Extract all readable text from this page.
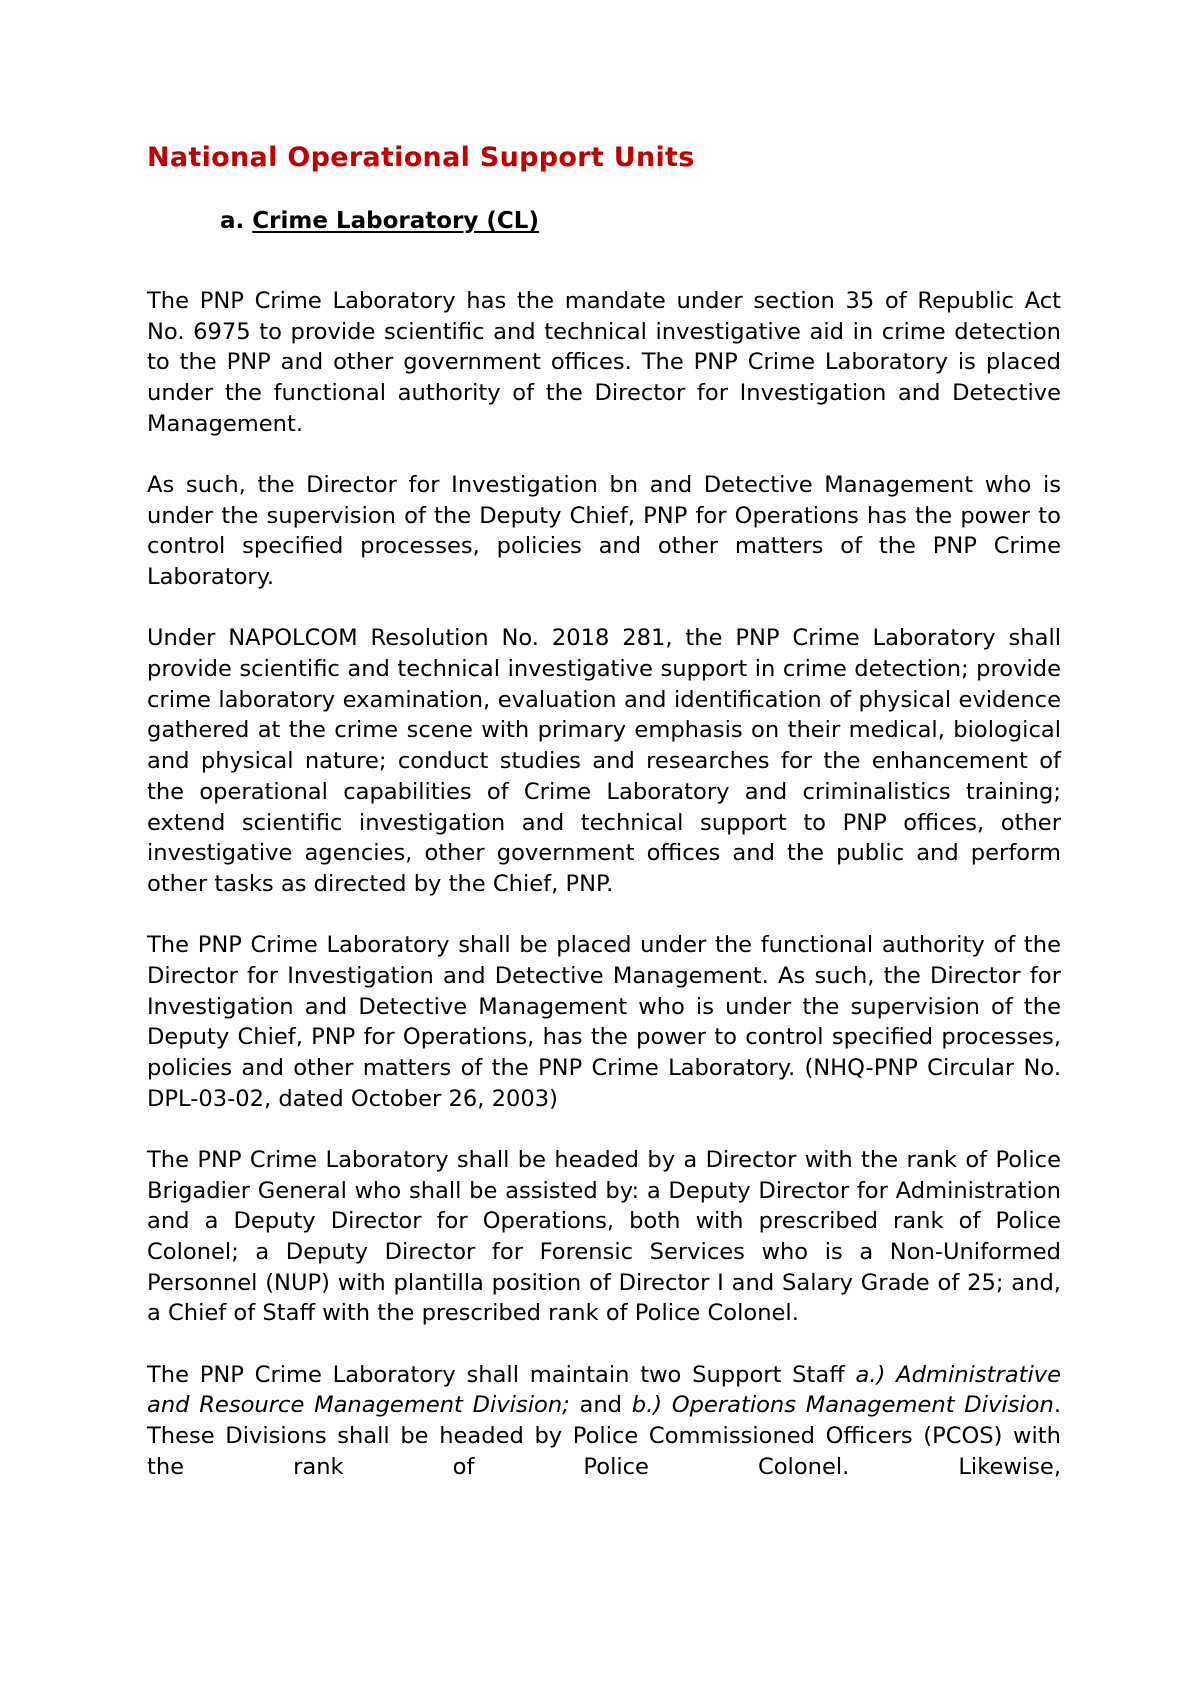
National Operational Support Units
a. Crime Laboratory (CL)

The PNP Crime Laboratory has the mandate under section 35 of Republic Act No. 6975 to provide scientific and technical investigative aid in crime detection to the PNP and other government offices. The PNP Crime Laboratory is placed under the functional authority of the Director for Investigation and Detective Management.

As such, the Director for Investigation bn and Detective Management who is under the supervision of the Deputy Chief, PNP for Operations has the power to control specified processes, policies and other matters of the PNP Crime Laboratory.

Under NAPOLCOM Resolution No. 2018 281, the PNP Crime Laboratory shall provide scientific and technical investigative support in crime detection; provide crime laboratory examination, evaluation and identification of physical evidence gathered at the crime scene with primary emphasis on their medical, biological and physical nature; conduct studies and researches for the enhancement of the operational capabilities of Crime Laboratory and criminalistics training; extend scientific investigation and technical support to PNP offices, other investigative agencies, other government offices and the public and perform other tasks as directed by the Chief, PNP.

The PNP Crime Laboratory shall be placed under the functional authority of the Director for Investigation and Detective Management. As such, the Director for Investigation and Detective Management who is under the supervision of the Deputy Chief, PNP for Operations, has the power to control specified processes, policies and other matters of the PNP Crime Laboratory. (NHQ-PNP Circular No. DPL-03-02, dated October 26, 2003)

The PNP Crime Laboratory shall be headed by a Director with the rank of Police Brigadier General who shall be assisted by: a Deputy Director for Administration and a Deputy Director for Operations, both with prescribed rank of Police Colonel; a Deputy Director for Forensic Services who is a Non-Uniformed Personnel (NUP) with plantilla position of Director I and Salary Grade of 25; and, a Chief of Staff with the prescribed rank of Police Colonel.

The PNP Crime Laboratory shall maintain two Support Staff a.) Administrative and Resource Management Division; and b.) Operations Management Division. These Divisions shall be headed by Police Commissioned Officers (PCOS) with the rank of Police Colonel. Likewise,
